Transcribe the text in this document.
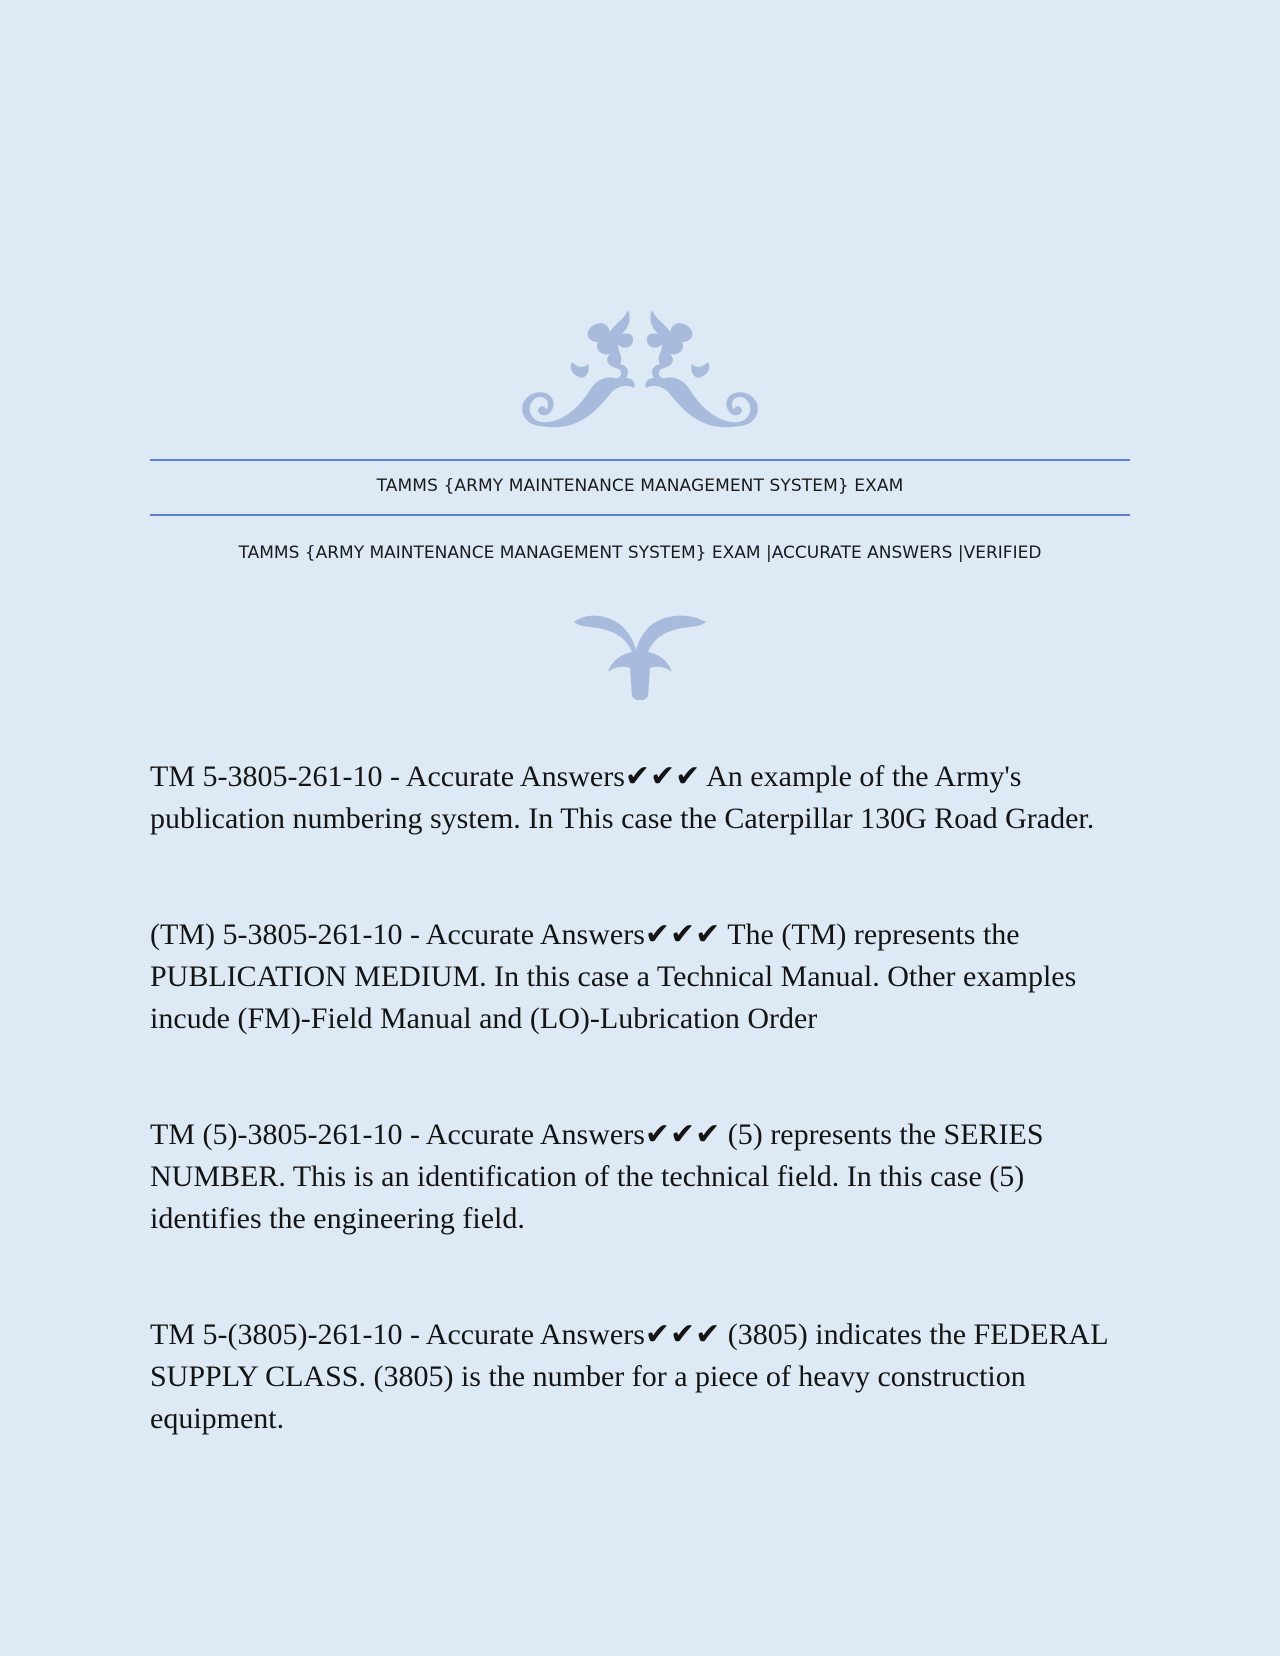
TAMMS {ARMY MAINTENANCE MANAGEMENT SYSTEM} EXAM
TAMMS {ARMY MAINTENANCE MANAGEMENT SYSTEM} EXAM |ACCURATE ANSWERS |VERIFIED

TM 5-3805-261-10 - Accurate Answers✔✔✔ An example of the Army's publication numbering system. In This case the Caterpillar 130G Road Grader.

(TM) 5-3805-261-10 - Accurate Answers✔✔✔ The (TM) represents the PUBLICATION MEDIUM. In this case a Technical Manual. Other examples incude (FM)-Field Manual and (LO)-Lubrication Order

TM (5)-3805-261-10 - Accurate Answers✔✔✔ (5) represents the SERIES NUMBER. This is an identification of the technical field. In this case (5) identifies the engineering field.

TM 5-(3805)-261-10 - Accurate Answers✔✔✔ (3805) indicates the FEDERAL SUPPLY CLASS. (3805) is the number for a piece of heavy construction equipment.
